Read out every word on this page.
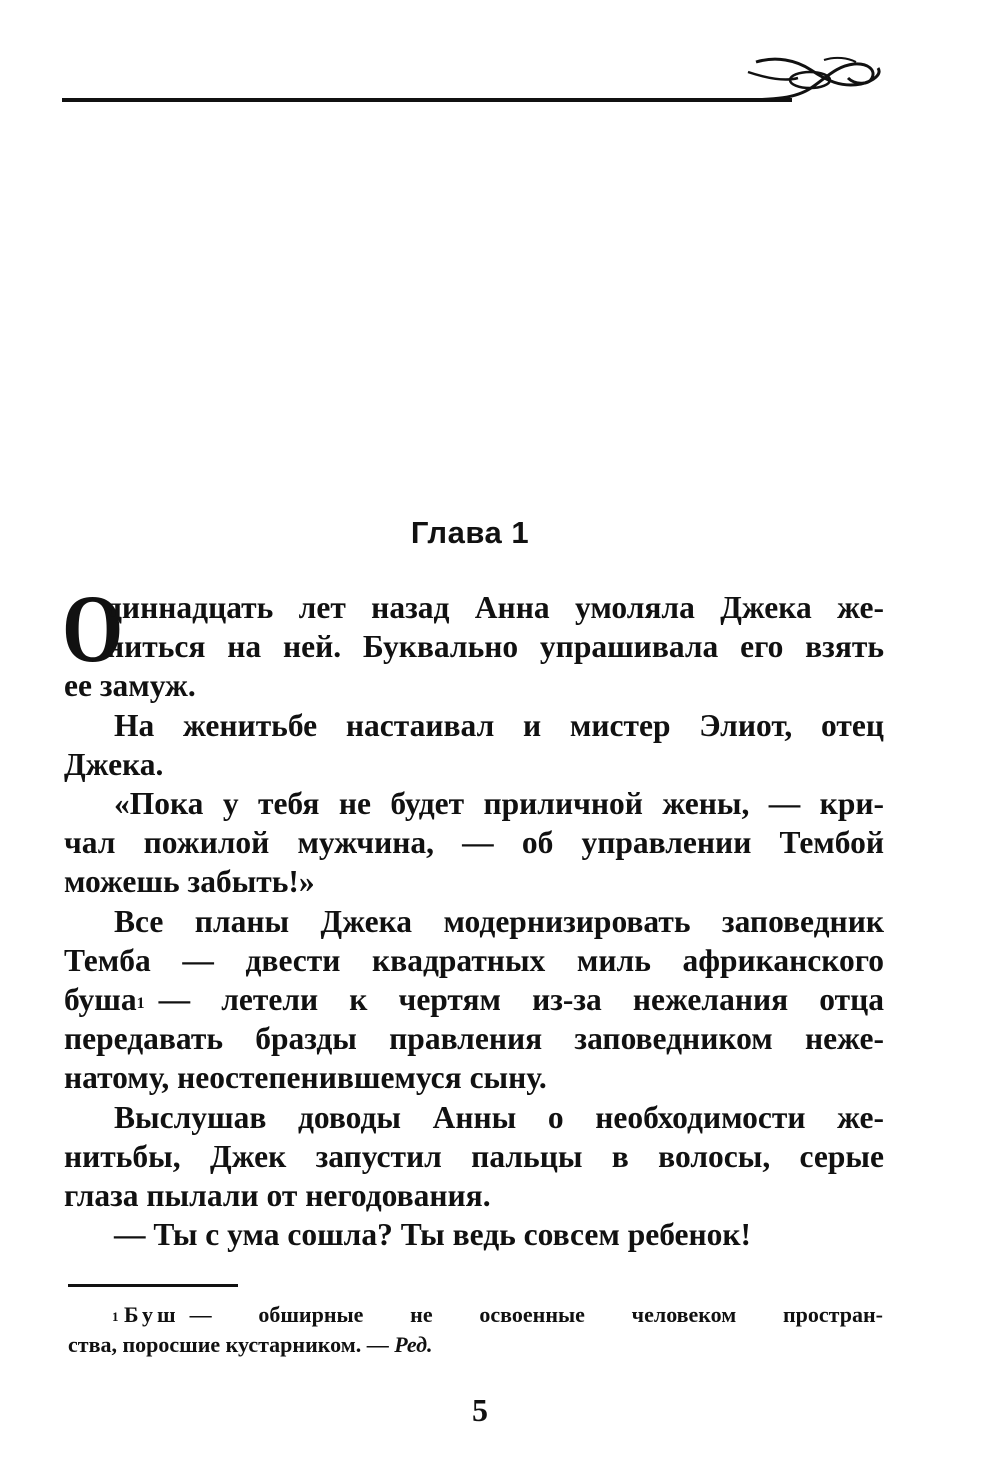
Глава 1
О
диннадцать лет назад Анна умоляла Джека же-
ниться на ней. Буквально упрашивала его взять
ее замуж.
На женитьбе настаивал и мистер Элиот, отец
Джека.
«Пока у тебя не будет приличной жены, — кри-
чал пожилой мужчина, — об управлении Тембой
можешь забыть!»
Все планы Джека модернизировать заповедник
Темба — двести квадратных миль африканского
буша$^1$ — летели к чертям из-за нежелания отца
передавать бразды правления заповедником неже-
натому, неостепенившемуся сыну.
Выслушав доводы Анны о необходимости же-
нитьбы, Джек запустил пальцы в волосы, серые
глаза пылали от негодования.
— Ты с ума сошла? Ты ведь совсем ребенок!
$^1$ Буш — обширные не освоенные человеком простран-
ства, поросшие кустарником. — Ред.
5
